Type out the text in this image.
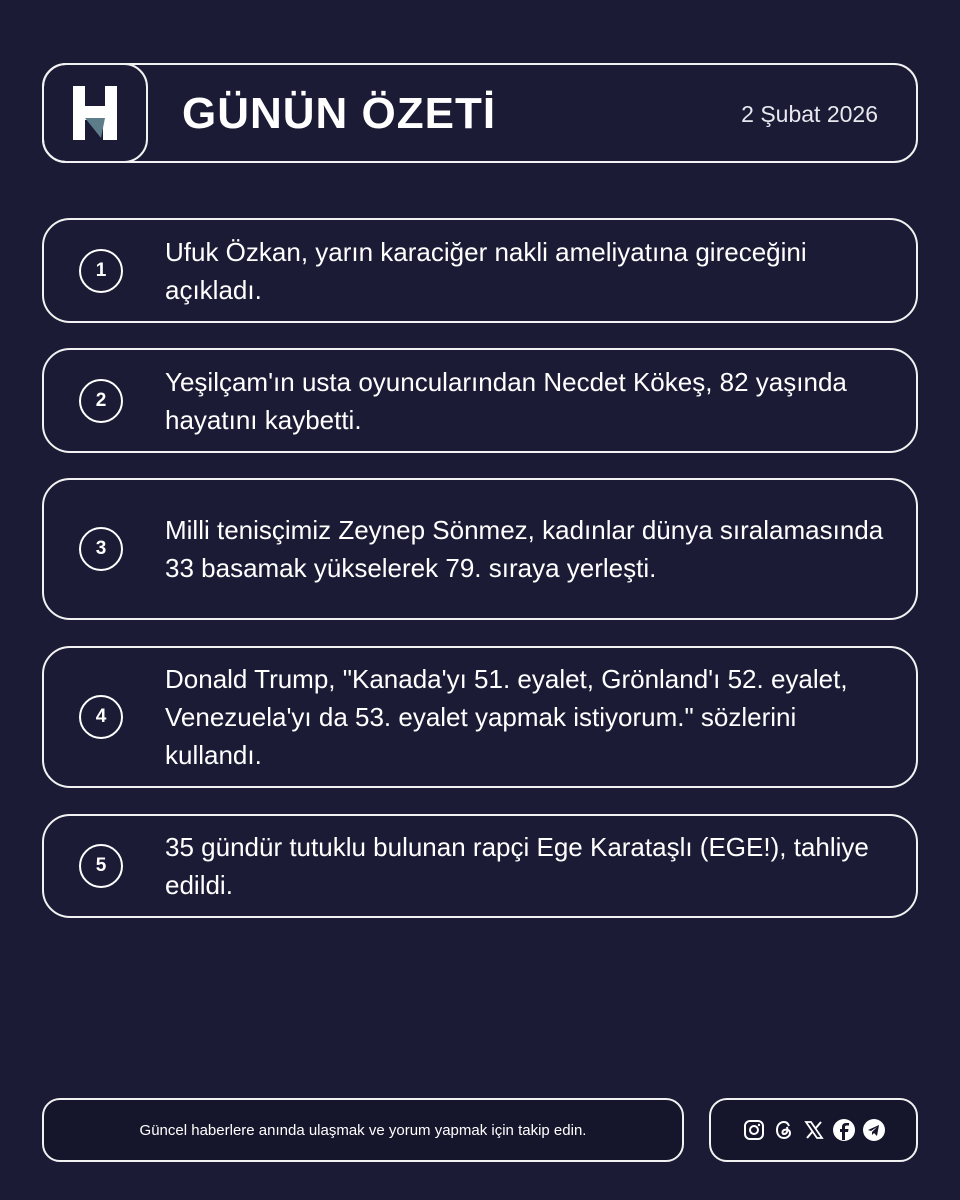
GÜNÜN ÖZETİ	2 Şubat 2026
1
Ufuk Özkan, yarın karaciğer nakli ameliyatına gireceğini açıkladı.
2
Yeşilçam'ın usta oyuncularından Necdet Kökeş, 82 yaşında hayatını kaybetti.
3
Milli tenisçimiz Zeynep Sönmez, kadınlar dünya sıralamasında 33 basamak yükselerek 79. sıraya yerleşti.
4
Donald Trump, "Kanada'yı 51. eyalet, Grönland'ı 52. eyalet, Venezuela'yı da 53. eyalet yapmak istiyorum." sözlerini kullandı.
5
35 gündür tutuklu bulunan rapçi Ege Karataşlı (EGE!), tahliye edildi.
Güncel haberlere anında ulaşmak ve yorum yapmak için takip edin.
